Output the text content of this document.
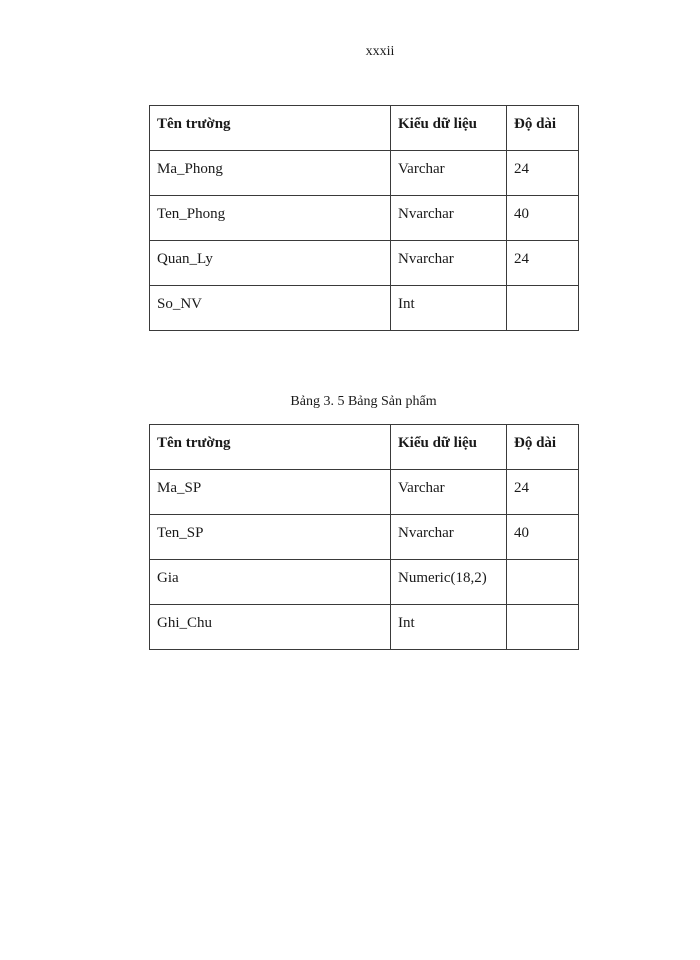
xxxii
Tên trường	Kiểu dữ liệu	Độ dài
Ma_Phong	Varchar	24
Ten_Phong	Nvarchar	40
Quan_Ly	Nvarchar	24
So_NV	Int	
Bảng 3. 5 Bảng Sản phẩm
Tên trường	Kiểu dữ liệu	Độ dài
Ma_SP	Varchar	24
Ten_SP	Nvarchar	40
Gia	Numeric(18,2)	
Ghi_Chu	Int	
